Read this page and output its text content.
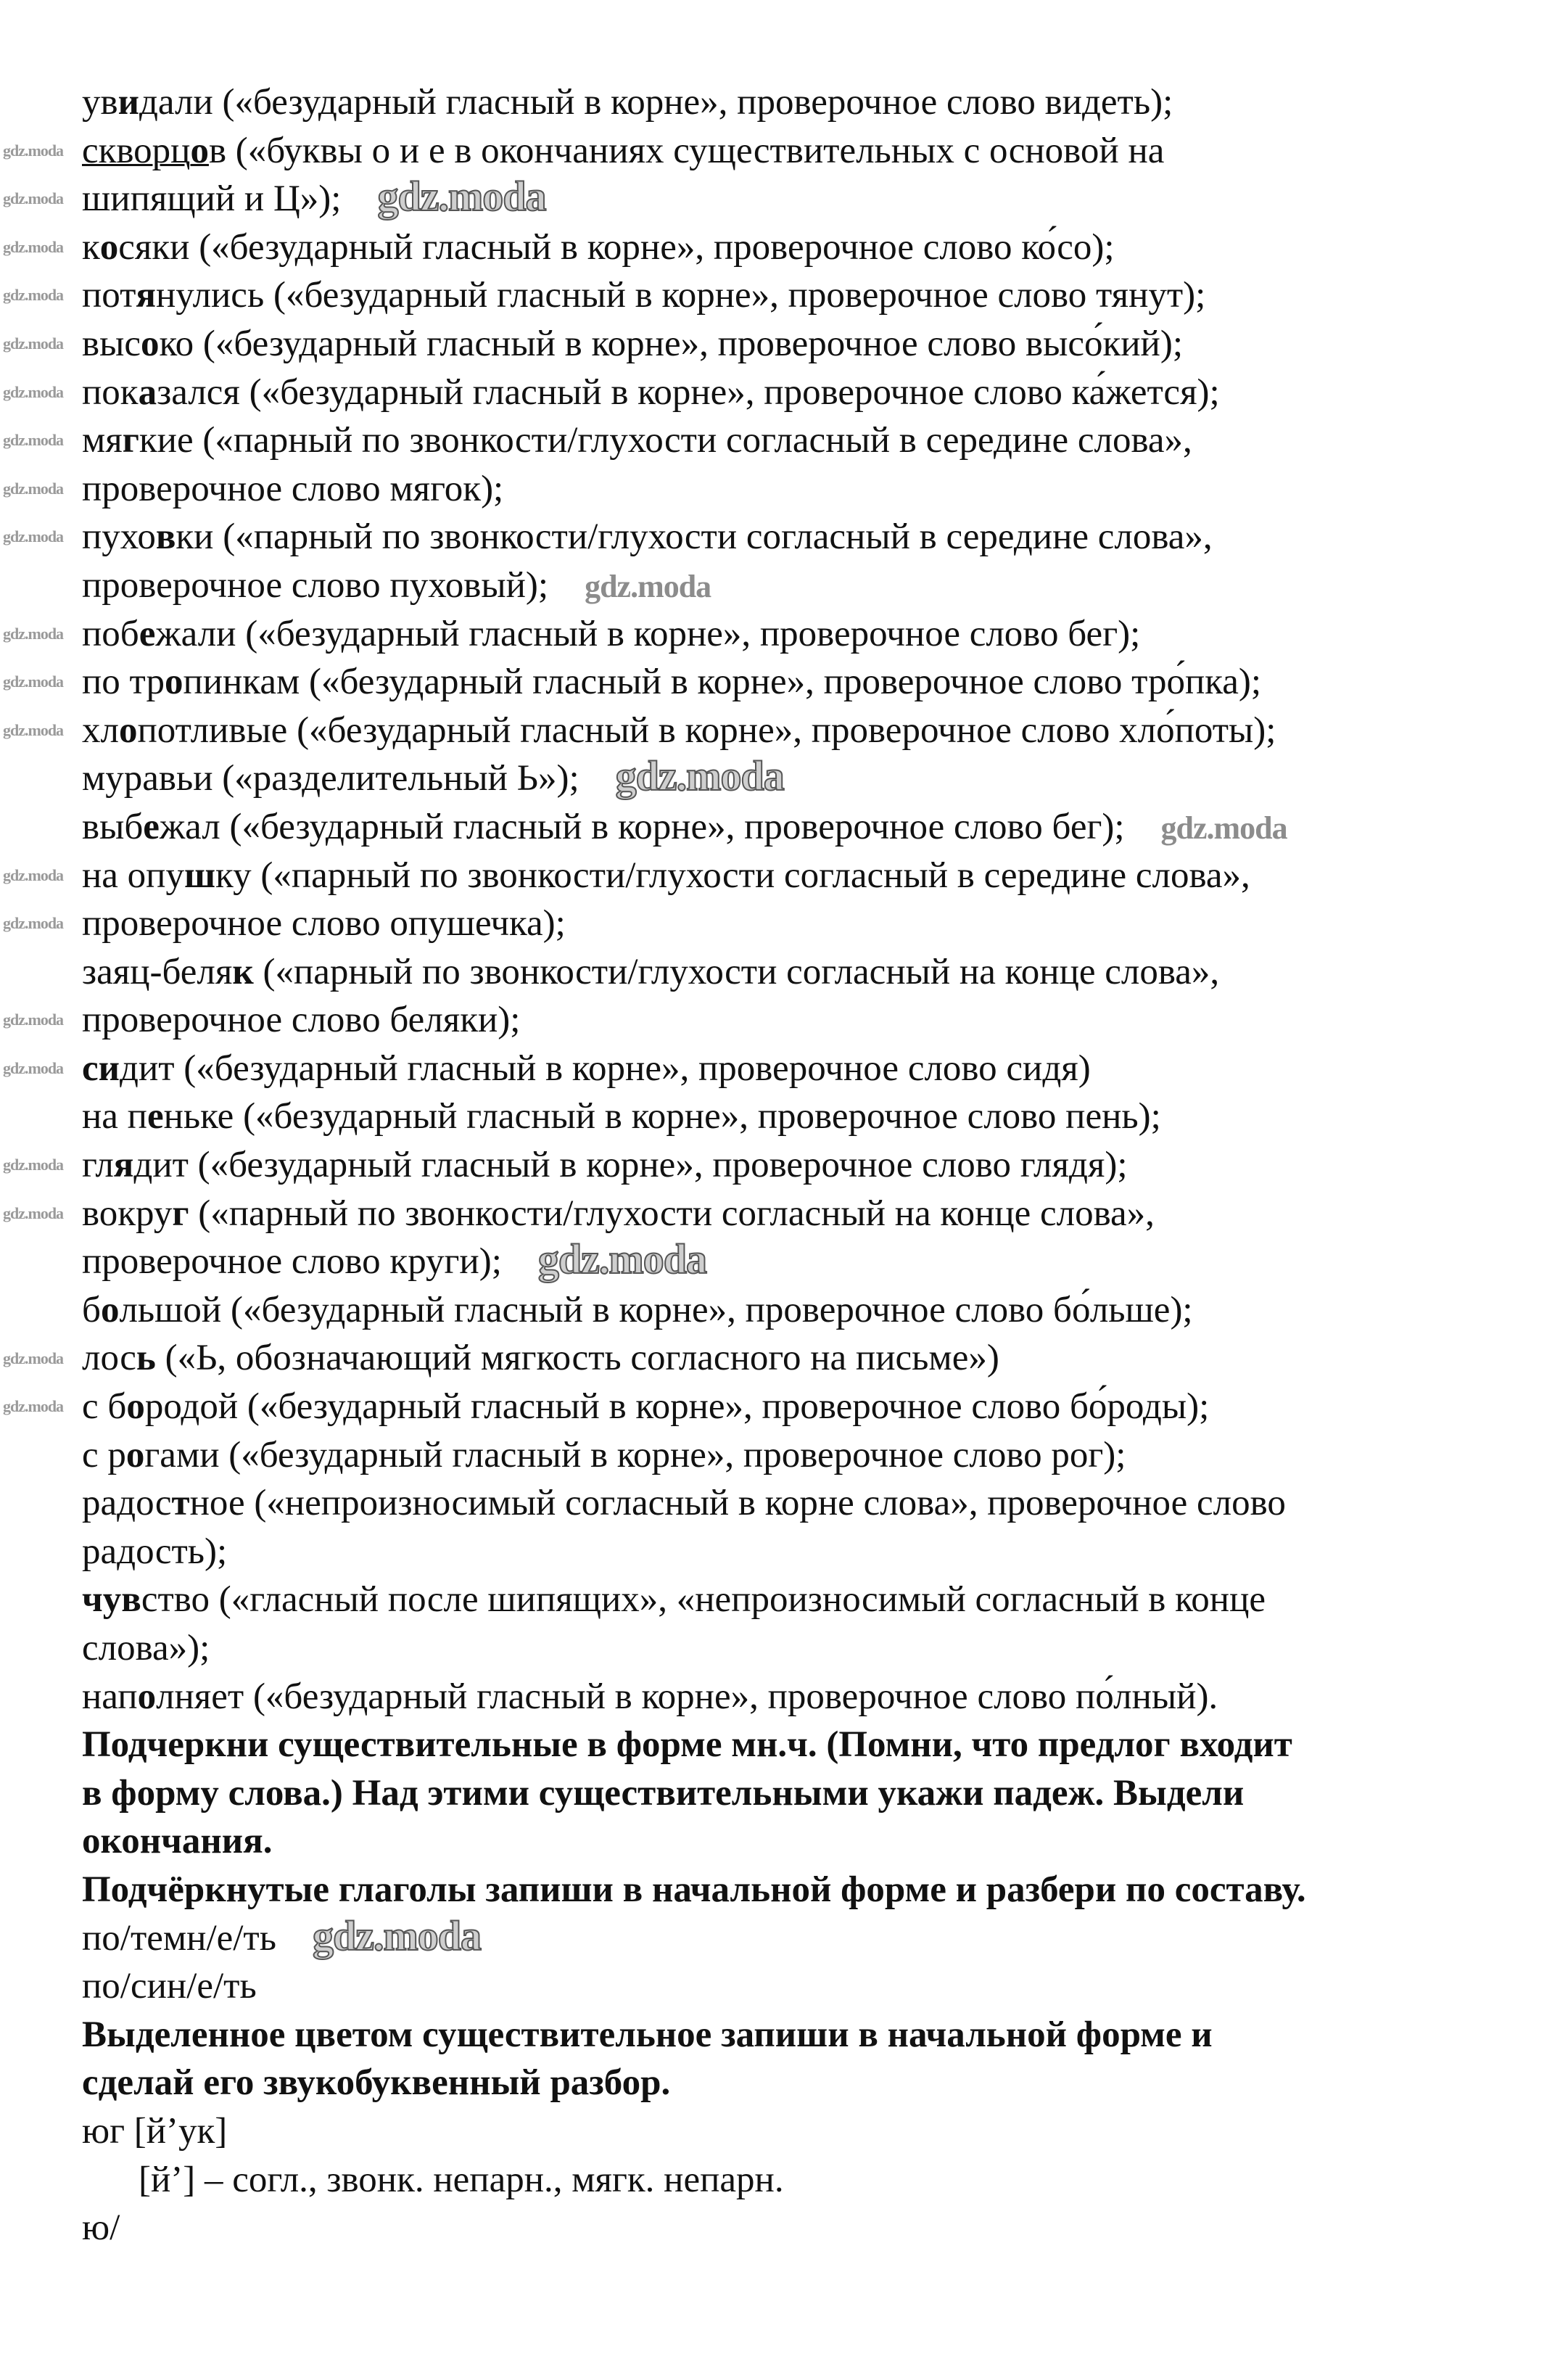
увидали («безударный гласный в корне», проверочное слово видеть);
скворцов («буквы о и е в окончаниях существительных с основой на
шипящий и Ц»); gdz.moda
косяки («безударный гласный в корне», проверочное слово ко́со);
потянулись («безударный гласный в корне», проверочное слово тянут);
высоко («безударный гласный в корне», проверочное слово высо́кий);
показался («безударный гласный в корне», проверочное слово ка́жется);
мягкие («парный по звонкости/глухости согласный в середине слова»,
проверочное слово мягок);
пуховки («парный по звонкости/глухости согласный в середине слова»,
проверочное слово пуховый); gdz.moda
побежали («безударный гласный в корне», проверочное слово бег);
по тропинкам («безударный гласный в корне», проверочное слово тро́пка);
хлопотливые («безударный гласный в корне», проверочное слово хло́поты);
муравьи («разделительный Ь»); gdz.moda
выбежал («безударный гласный в корне», проверочное слово бег); gdz.moda
на опушку («парный по звонкости/глухости согласный в середине слова»,
проверочное слово опушечка);
заяц-беляк («парный по звонкости/глухости согласный на конце слова»,
проверочное слово беляки);
сидит («безударный гласный в корне», проверочное слово сидя)
на пеньке («безударный гласный в корне», проверочное слово пень);
глядит («безударный гласный в корне», проверочное слово глядя);
вокруг («парный по звонкости/глухости согласный на конце слова»,
проверочное слово круги); gdz.moda
большой («безударный гласный в корне», проверочное слово бо́льше);
лось («Ь, обозначающий мягкость согласного на письме»)
с бородой («безударный гласный в корне», проверочное слово бо́роды);
с рогами («безударный гласный в корне», проверочное слово рог);
радостное («непроизносимый согласный в корне слова», проверочное слово
радость);
чувство («гласный после шипящих», «непроизносимый согласный в конце
слова»);
наполняет («безударный гласный в корне», проверочное слово по́лный).
Подчеркни существительные в форме мн.ч. (Помни, что предлог входит
в форму слова.) Над этими существительными укажи падеж. Выдели
окончания.
Подчёркнутые глаголы запиши в начальной форме и разбери по составу.
по/темн/е/ть gdz.moda
по/син/е/ть
Выделенное цветом существительное запиши в начальной форме и
сделай его звукобуквенный разбор.
юг [й’ук]
[й’] – согл., звонк. непарн., мягк. непарн.
ю/
gdz.moda
gdz.moda
gdz.moda
gdz.moda
gdz.moda
gdz.moda
gdz.moda
gdz.moda
gdz.moda
gdz.moda
gdz.moda
gdz.moda
gdz.moda
gdz.moda
gdz.moda
gdz.moda
gdz.moda
gdz.moda
gdz.moda
gdz.moda
